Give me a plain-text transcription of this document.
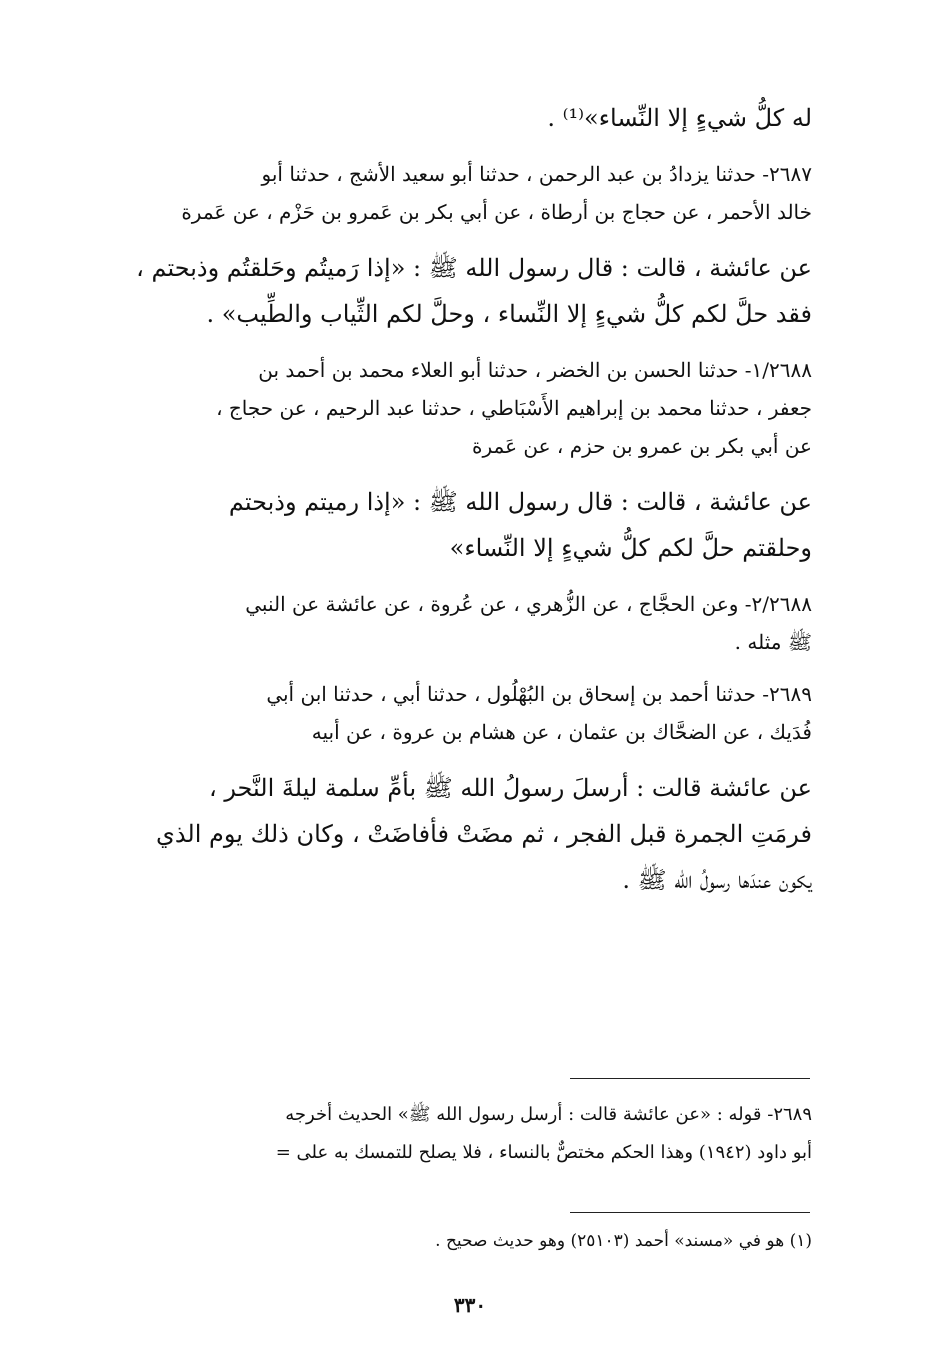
له كلُّ شيءٍ إلا النِّساء»⁽¹⁾ .
٢٦٨٧- حدثنا يزدادُ بن عبد الرحمن ، حدثنا أبو سعيد الأشج ، حدثنا أبو
خالد الأحمر ، عن حجاج بن أرطاة ، عن أبي بكر بن عَمرو بن حَزْم ، عن عَمرة
عن عائشة ، قالت : قال رسول الله ﷺ : «إذا رَميتُم وحَلقتُم وذبحتم ،
فقد حلَّ لكم كلُّ شيءٍ إلا النِّساء ، وحلَّ لكم الثِّياب والطِّيب» .
١/٢٦٨٨- حدثنا الحسن بن الخضر ، حدثنا أبو العلاء محمد بن أحمد بن
جعفر ، حدثنا محمد بن إبراهيم الأَسْبَاطي ، حدثنا عبد الرحيم ، عن حجاج ،
عن أبي بكر بن عمرو بن حزم ، عن عَمرة
عن عائشة ، قالت : قال رسول الله ﷺ : «إذا رميتم وذبحتم
وحلقتم حلَّ لكم كلُّ شيءٍ إلا النِّساء»
٢/٢٦٨٨- وعن الحجَّاج ، عن الزُّهري ، عن عُروة ، عن عائشة عن النبي
ﷺ مثله .
٢٦٨٩- حدثنا أحمد بن إسحاق بن البُهْلُول ، حدثنا أبي ، حدثنا ابن أبي
فُدَيك ، عن الضحَّاك بن عثمان ، عن هشام بن عروة ، عن أبيه
عن عائشة قالت : أرسلَ رسولُ الله ﷺ بأمِّ سلمة ليلةَ النَّحر ،
فرمَتِ الجمرة قبل الفجر ، ثم مضَتْ فأفاضَتْ ، وكان ذلك يوم الذي
يكون عندَها رسولُ الله ﷺ .
٢٦٨٩- قوله : «عن عائشة قالت : أرسل رسول الله ﷺ» الحديث أخرجه
أبو داود (١٩٤٢) وهذا الحكم مختصٌّ بالنساء ، فلا يصلح للتمسك به على =
(١) هو في «مسند» أحمد (٢٥١٠٣) وهو حديث صحيح .
٣٣٠
